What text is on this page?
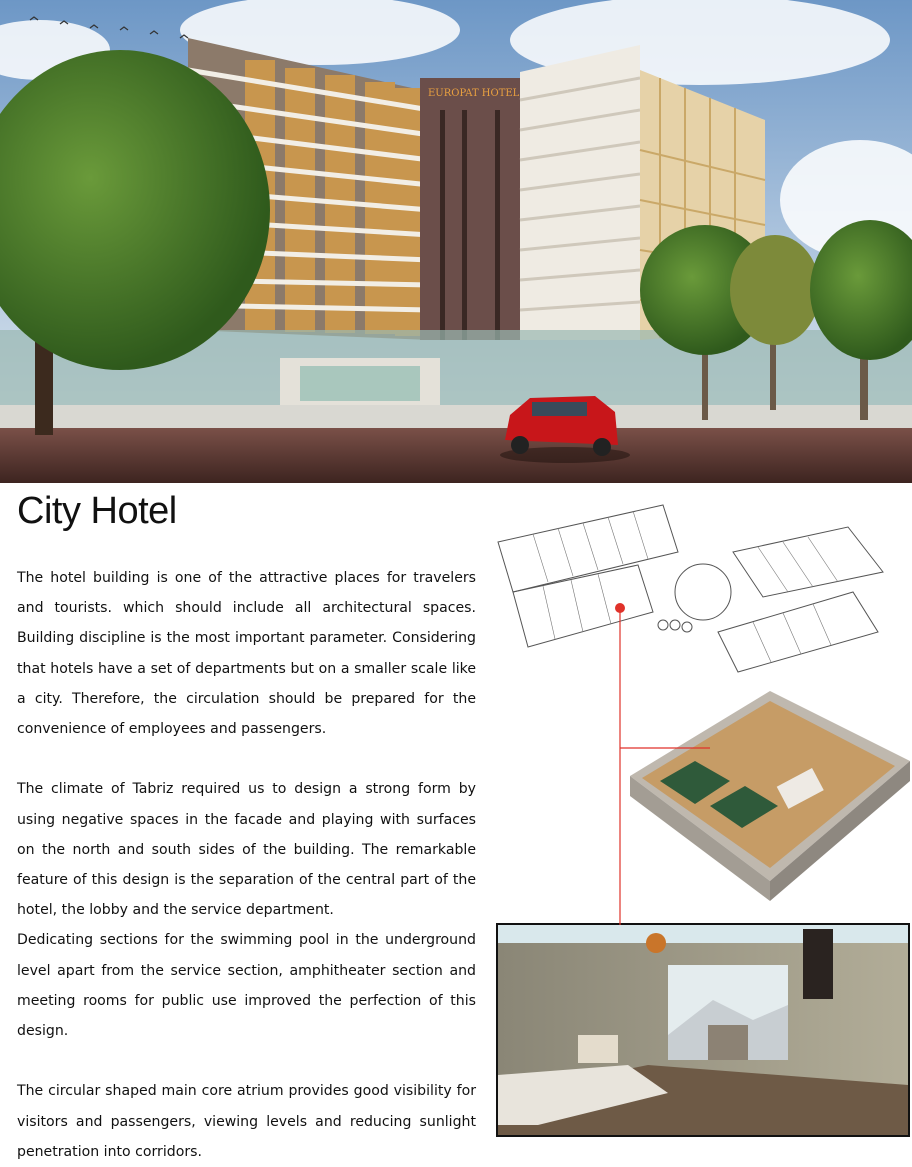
EUROPAT HOTEL
City Hotel

The hotel building is one of the attractive places for travelers and tourists. which should include all architectural spaces. Building discipline is the most important parameter. Considering that hotels have a set of departments but on a smaller scale like a city. Therefore, the circulation should be prepared for the convenience of employees and passengers.

The climate of Tabriz required us to design a strong form by using negative spaces in the facade and playing with surfaces on the north and south sides of the building. The remarkable feature of this design is the separation of the central part of the hotel, the lobby and the service department.

Dedicating sections for the swimming pool in the underground level apart from the service section, amphitheater section and meeting rooms for public use improved the perfection of this design.

The circular shaped main core atrium provides good visibility for visitors and passengers, viewing levels and reducing sunlight penetration into corridors.
